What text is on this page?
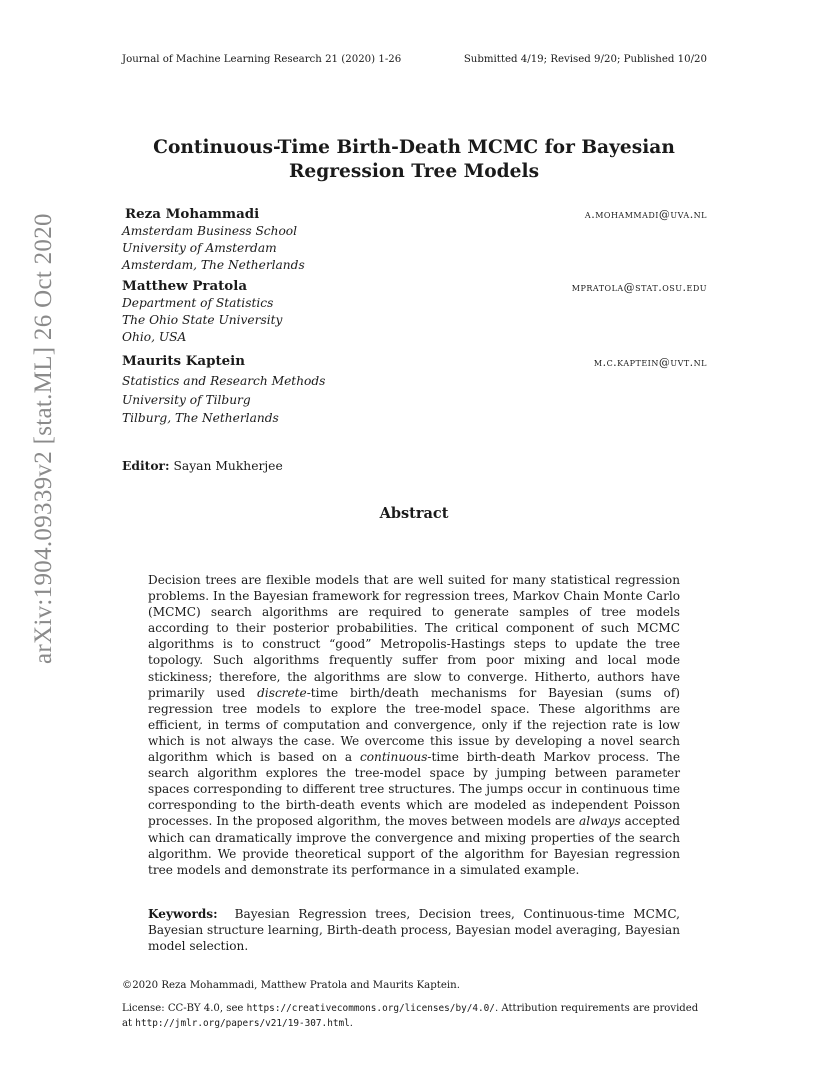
Journal of Machine Learning Research 21 (2020) 1-26	Submitted 4/19; Revised 9/20; Published 10/20
arXiv:1904.09339v2 [stat.ML] 26 Oct 2020
Continuous-Time Birth-Death MCMC for Bayesian
Regression Tree Models
Reza Mohammadi	a.mohammadi@uva.nl
Amsterdam Business School
University of Amsterdam
Amsterdam, The Netherlands
Matthew Pratola	mpratola@stat.osu.edu
Department of Statistics
The Ohio State University
Ohio, USA
Maurits Kaptein	m.c.kaptein@uvt.nl
Statistics and Research Methods
University of Tilburg
Tilburg, The Netherlands
Editor: Sayan Mukherjee
Abstract
Decision trees are flexible models that are well suited for many statistical regression problems. In the Bayesian framework for regression trees, Markov Chain Monte Carlo (MCMC) search algorithms are required to generate samples of tree models according to their posterior probabilities. The critical component of such MCMC algorithms is to construct “good” Metropolis-Hastings steps to update the tree topology. Such algorithms frequently suffer from poor mixing and local mode stickiness; therefore, the algorithms are slow to converge. Hitherto, authors have primarily used discrete-time birth/death mechanisms for Bayesian (sums of) regression tree models to explore the tree-model space. These algorithms are efficient, in terms of computation and convergence, only if the rejection rate is low which is not always the case. We overcome this issue by developing a novel search algorithm which is based on a continuous-time birth-death Markov process. The search algorithm explores the tree-model space by jumping between parameter spaces corresponding to different tree structures. The jumps occur in continuous time corresponding to the birth-death events which are modeled as independent Poisson processes. In the proposed algorithm, the moves between models are always accepted which can dramatically improve the convergence and mixing properties of the search algorithm. We provide theoretical support of the algorithm for Bayesian regression tree models and demonstrate its performance in a simulated example.
Keywords: Bayesian Regression trees, Decision trees, Continuous-time MCMC, Bayesian structure learning, Birth-death process, Bayesian model averaging, Bayesian model selection.
©2020 Reza Mohammadi, Matthew Pratola and Maurits Kaptein.
License: CC-BY 4.0, see https://creativecommons.org/licenses/by/4.0/. Attribution requirements are provided at http://jmlr.org/papers/v21/19-307.html.
